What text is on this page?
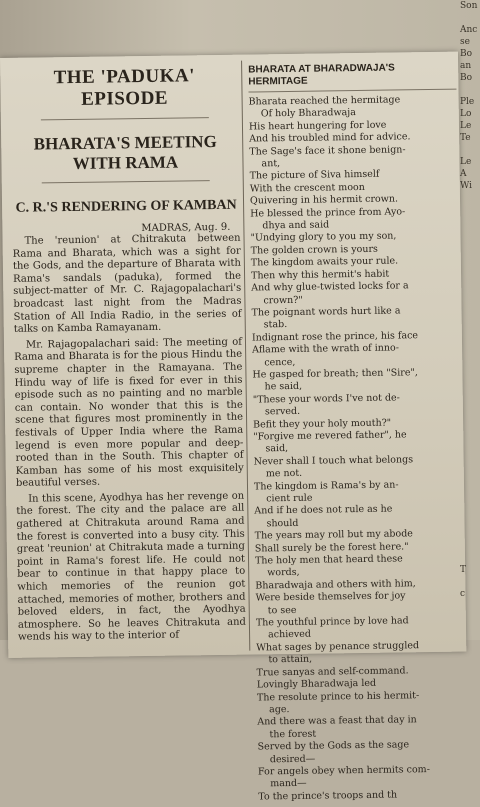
THE 'PADUKA' EPISODE
BHARATA'S MEETING WITH RAMA
C. R.'S RENDERING OF KAMBAN
MADRAS, Aug. 9.

The 'reunion' at Chitrakuta between Rama and Bharata, which was a sight for the Gods, and the departure of Bharata with Rama's sandals (paduka), formed the subject-matter of Mr. C. Rajagopalachari's broadcast last night from the Madras Station of All India Radio, in the series of talks on Kamba Ramayanam.

Mr. Rajagopalachari said: The meeting of Rama and Bharata is for the pious Hindu the supreme chapter in the Ramayana. The Hindu way of life is fixed for ever in this episode such as no painting and no marble can contain. No wonder that this is the scene that figures most prominently in the festivals of Upper India where the Rama legend is even more popular and deep-rooted than in the South. This chapter of Kamban has some of his most exquisitely beautiful verses.

In this scene, Ayodhya has her revenge on the forest. The city and the palace are all gathered at Chitrakuta around Rama and the forest is converted into a busy city. This great 'reunion' at Chitrakuta made a turning point in Rama's forest life. He could not bear to continue in that happy place to which memories of the reunion got attached, memories of mother, brothers and beloved elders, in fact, the Ayodhya atmosphere. So he leaves Chitrakuta and wends his way to the interior of

BHARATA AT BHARADWAJA'S HERMITAGE
Bharata reached the hermitage
Of holy Bharadwaja
His heart hungering for love
And his troubled mind for advice.
The Sage's face it shone benign-
ant,
The picture of Siva himself
With the crescent moon
Quivering in his hermit crown.
He blessed the prince from Ayo-
dhya and said
"Undying glory to you my son,
The golden crown is yours
The kingdom awaits your rule.
Then why this hermit's habit
And why glue-twisted locks for a
crown?"
The poignant words hurt like a
stab.
Indignant rose the prince, his face
Aflame with the wrath of inno-
cence,
He gasped for breath; then "Sire",
he said,
"These your words I've not de-
served.
Befit they your holy mouth?"
"Forgive me revered father", he
said,
Never shall I touch what belongs
me not.
The kingdom is Rama's by an-
cient rule
And if he does not rule as he
should
The years may roll but my abode
Shall surely be the forest here."
The holy men that heard these
words,
Bharadwaja and others with him,
Were beside themselves for joy
to see
The youthful prince by love had
achieved
What sages by penance struggled
to attain,
True sanyas and self-command.
Lovingly Bharadwaja led
The resolute prince to his hermit-
age.
And there was a feast that day in
the forest
Served by the Gods as the sage
desired—
For angels obey when hermits com-
mand—
To the prince's troops and th
Son

Anc
se
Bo
an
Bo

Ple
Lo
Le
Te

Le
A
Wi

T

c
